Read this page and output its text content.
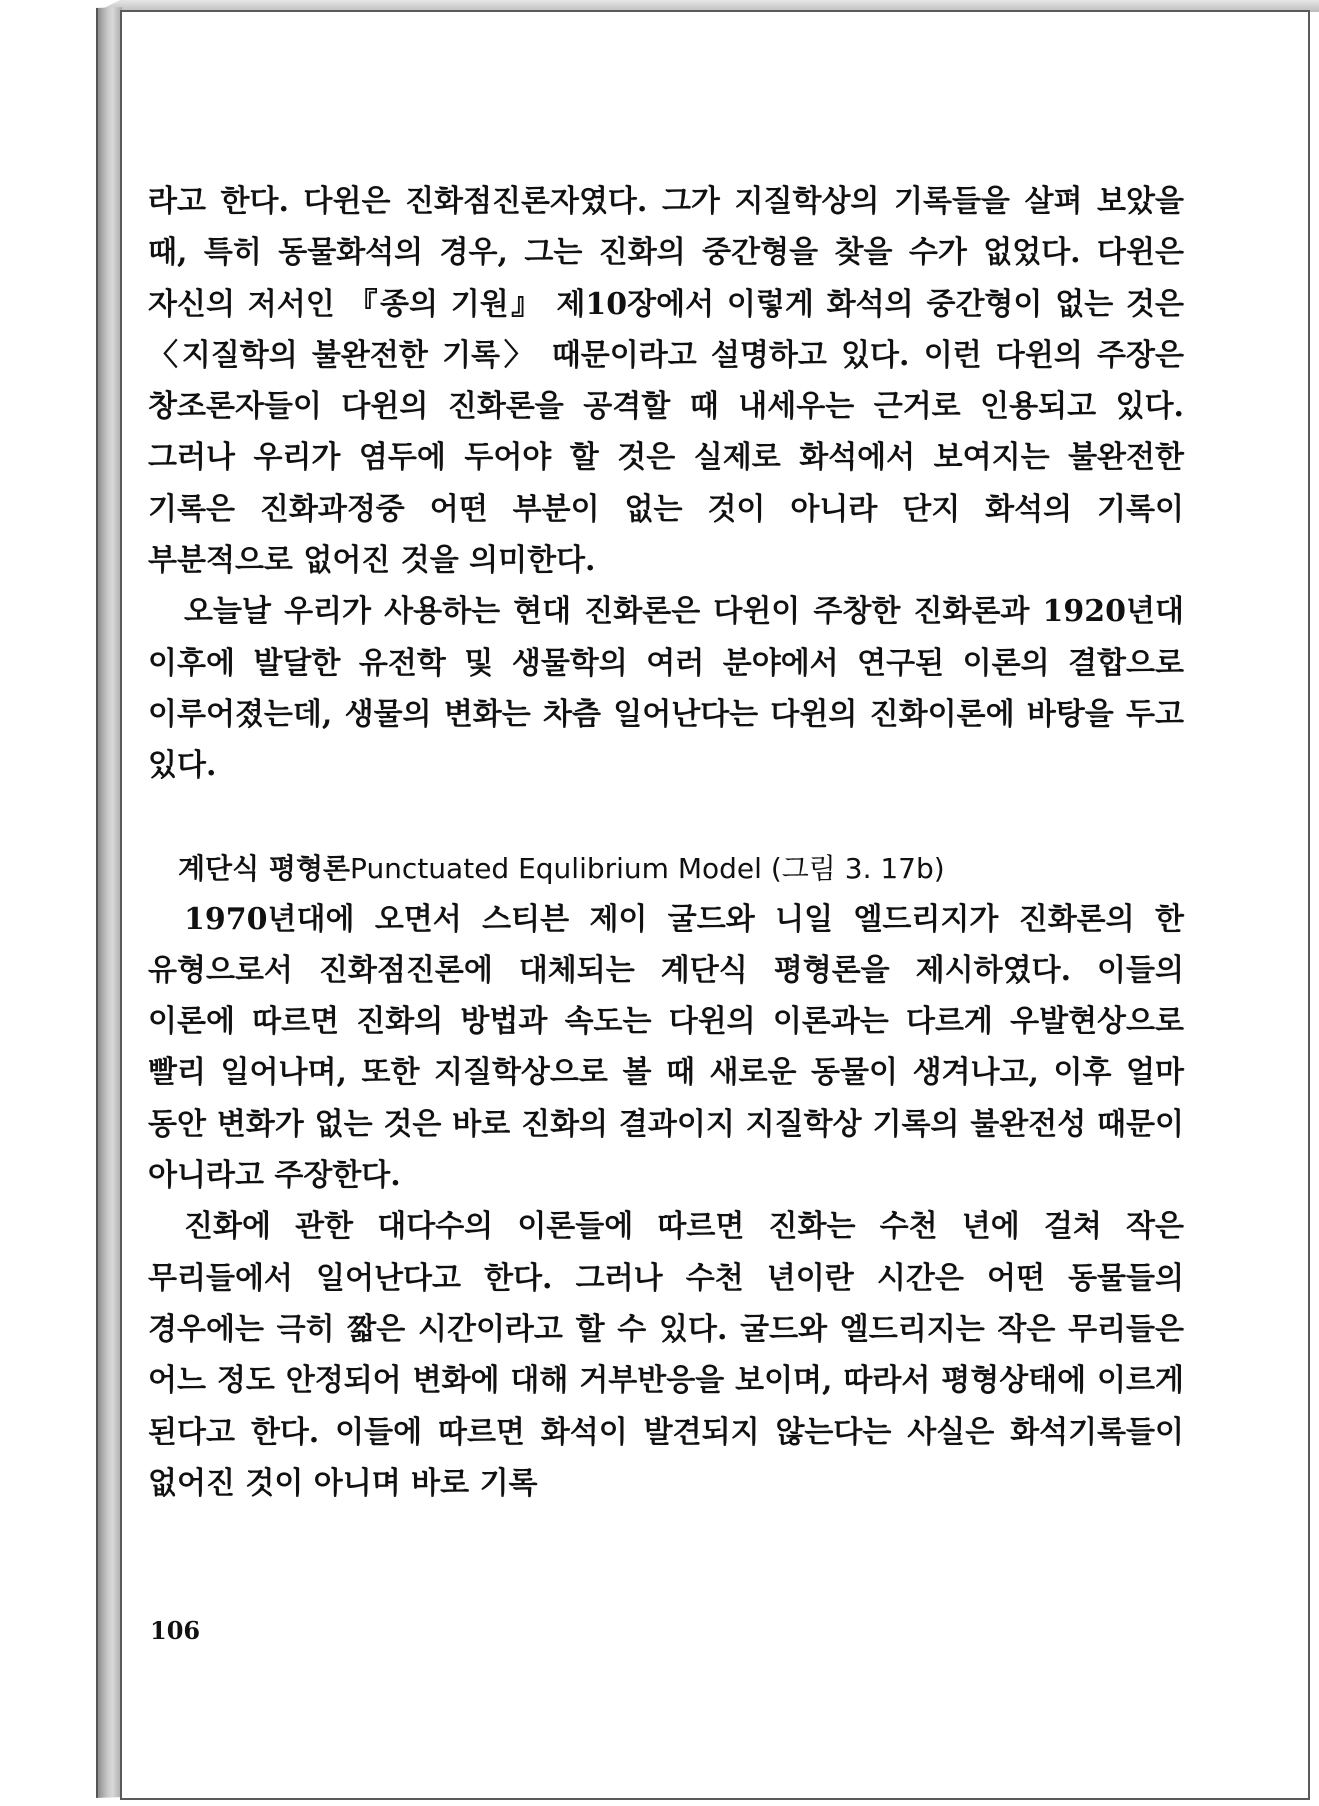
라고 한다. 다윈은 진화점진론자였다. 그가 지질학상의 기록들을 살펴 보았을 때, 특히 동물화석의 경우, 그는 진화의 중간형을 찾을 수가 없었다. 다윈은 자신의 저서인 『종의 기원』 제10장에서 이렇게 화석의 중간형이 없는 것은 〈지질학의 불완전한 기록〉 때문이라고 설명하고 있다. 이런 다윈의 주장은 창조론자들이 다윈의 진화론을 공격할 때 내세우는 근거로 인용되고 있다. 그러나 우리가 염두에 두어야 할 것은 실제로 화석에서 보여지는 불완전한 기록은 진화과정중 어떤 부분이 없는 것이 아니라 단지 화석의 기록이 부분적으로 없어진 것을 의미한다.

오늘날 우리가 사용하는 현대 진화론은 다윈이 주창한 진화론과 1920년대 이후에 발달한 유전학 및 생물학의 여러 분야에서 연구된 이론의 결합으로 이루어졌는데, 생물의 변화는 차츰 일어난다는 다윈의 진화이론에 바탕을 두고 있다.

계단식 평형론Punctuated Equlibrium Model (그림 3. 17b)

1970년대에 오면서 스티븐 제이 굴드와 니일 엘드리지가 진화론의 한 유형으로서 진화점진론에 대체되는 계단식 평형론을 제시하였다. 이들의 이론에 따르면 진화의 방법과 속도는 다윈의 이론과는 다르게 우발현상으로 빨리 일어나며, 또한 지질학상으로 볼 때 새로운 동물이 생겨나고, 이후 얼마 동안 변화가 없는 것은 바로 진화의 결과이지 지질학상 기록의 불완전성 때문이 아니라고 주장한다.

진화에 관한 대다수의 이론들에 따르면 진화는 수천 년에 걸쳐 작은 무리들에서 일어난다고 한다. 그러나 수천 년이란 시간은 어떤 동물들의 경우에는 극히 짧은 시간이라고 할 수 있다. 굴드와 엘드리지는 작은 무리들은 어느 정도 안정되어 변화에 대해 거부반응을 보이며, 따라서 평형상태에 이르게 된다고 한다. 이들에 따르면 화석이 발견되지 않는다는 사실은 화석기록들이 없어진 것이 아니며 바로 기록

106
